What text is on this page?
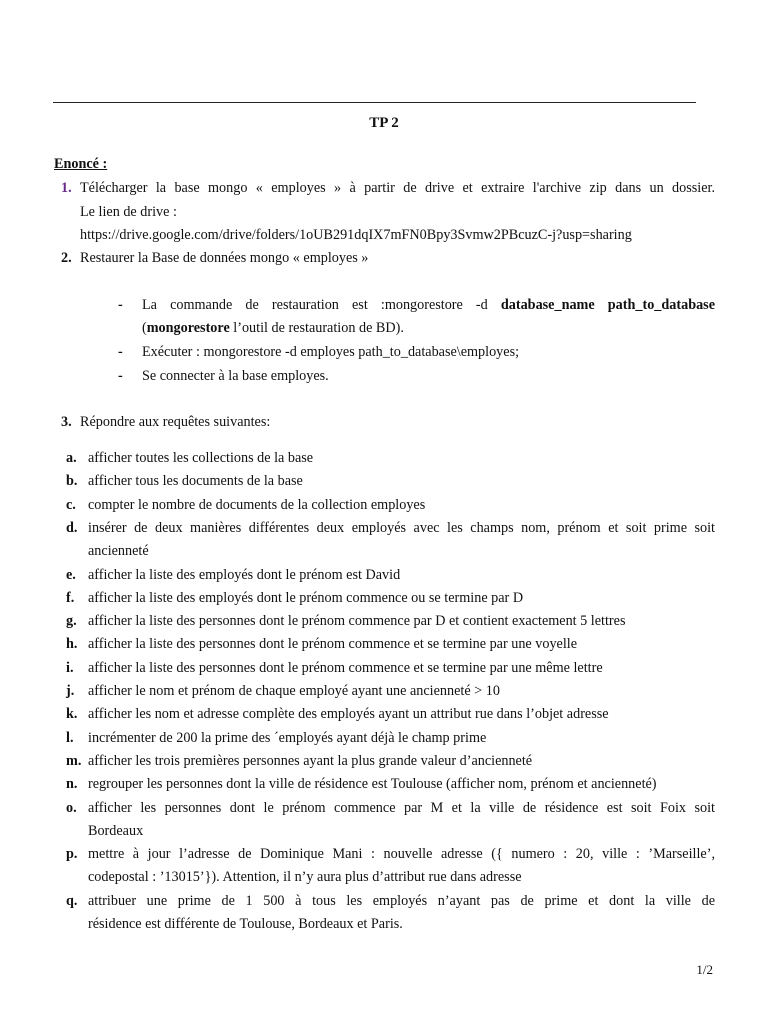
TP 2
Enoncé :
1. Télécharger la base mongo « employes » à partir de drive et extraire l'archive zip dans un dossier.
Le lien de drive :
https://drive.google.com/drive/folders/1oUB291dqIX7mFN0Bpy3Svmw2PBcuzC-j?usp=sharing
2. Restaurer la Base de données mongo « employes »
- La commande de restauration est :mongorestore -d database_name path_to_database
(mongorestore l’outil de restauration de BD).
- Exécuter : mongorestore -d employes path_to_database\employes;
- Se connecter à la base employes.
3. Répondre aux requêtes suivantes:
a. afficher toutes les collections de la base
b. afficher tous les documents de la base
c. compter le nombre de documents de la collection employes
d. insérer de deux manières différentes deux employés avec les champs nom, prénom et soit prime soit
ancienneté
e. afficher la liste des employés dont le prénom est David
f. afficher la liste des employés dont le prénom commence ou se termine par D
g. afficher la liste des personnes dont le prénom commence par D et contient exactement 5 lettres
h. afficher la liste des personnes dont le prénom commence et se termine par une voyelle
i. afficher la liste des personnes dont le prénom commence et se termine par une même lettre
j. afficher le nom et prénom de chaque employé ayant une ancienneté > 10
k. afficher les nom et adresse complète des employés ayant un attribut rue dans l’objet adresse
l. incrémenter de 200 la prime des ´employés ayant déjà le champ prime
m. afficher les trois premières personnes ayant la plus grande valeur d’ancienneté
n. regrouper les personnes dont la ville de résidence est Toulouse (afficher nom, prénom et ancienneté)
o. afficher les personnes dont le prénom commence par M et la ville de résidence est soit Foix soit
Bordeaux
p. mettre à jour l’adresse de Dominique Mani : nouvelle adresse ({ numero : 20, ville : ’Marseille’,
codepostal : ’13015’}). Attention, il n’y aura plus d’attribut rue dans adresse
q. attribuer une prime de 1 500 à tous les employés n’ayant pas de prime et dont la ville de
résidence est différente de Toulouse, Bordeaux et Paris.
1/2
